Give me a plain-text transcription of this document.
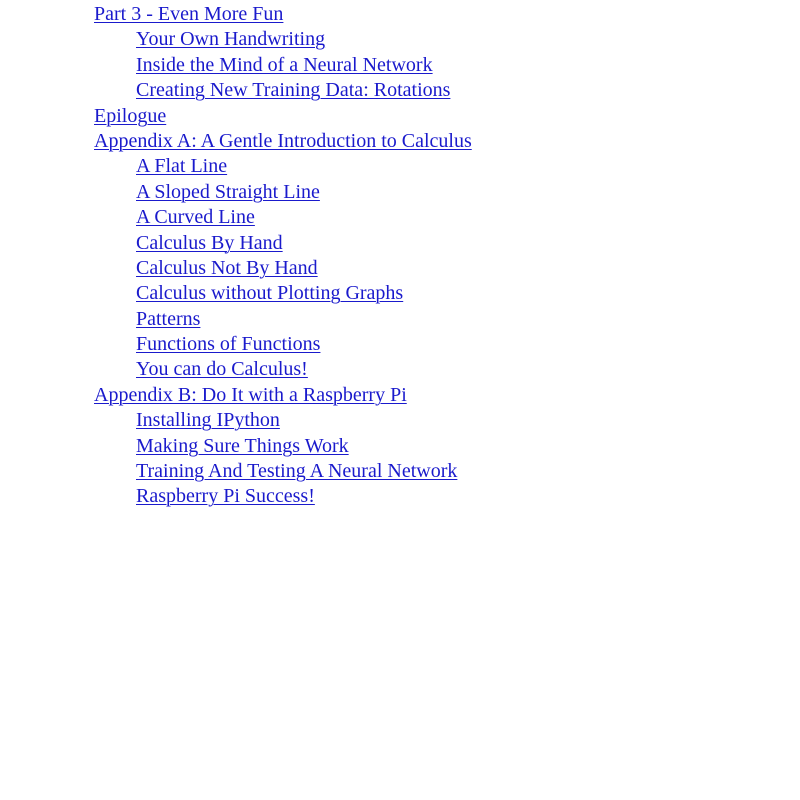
Part 3 - Even More Fun
Your Own Handwriting
Inside the Mind of a Neural Network
Creating New Training Data: Rotations
Epilogue
Appendix A: A Gentle Introduction to Calculus
A Flat Line
A Sloped Straight Line
A Curved Line
Calculus By Hand
Calculus Not By Hand
Calculus without Plotting Graphs
Patterns
Functions of Functions
You can do Calculus!
Appendix B: Do It with a Raspberry Pi
Installing IPython
Making Sure Things Work
Training And Testing A Neural Network
Raspberry Pi Success!
